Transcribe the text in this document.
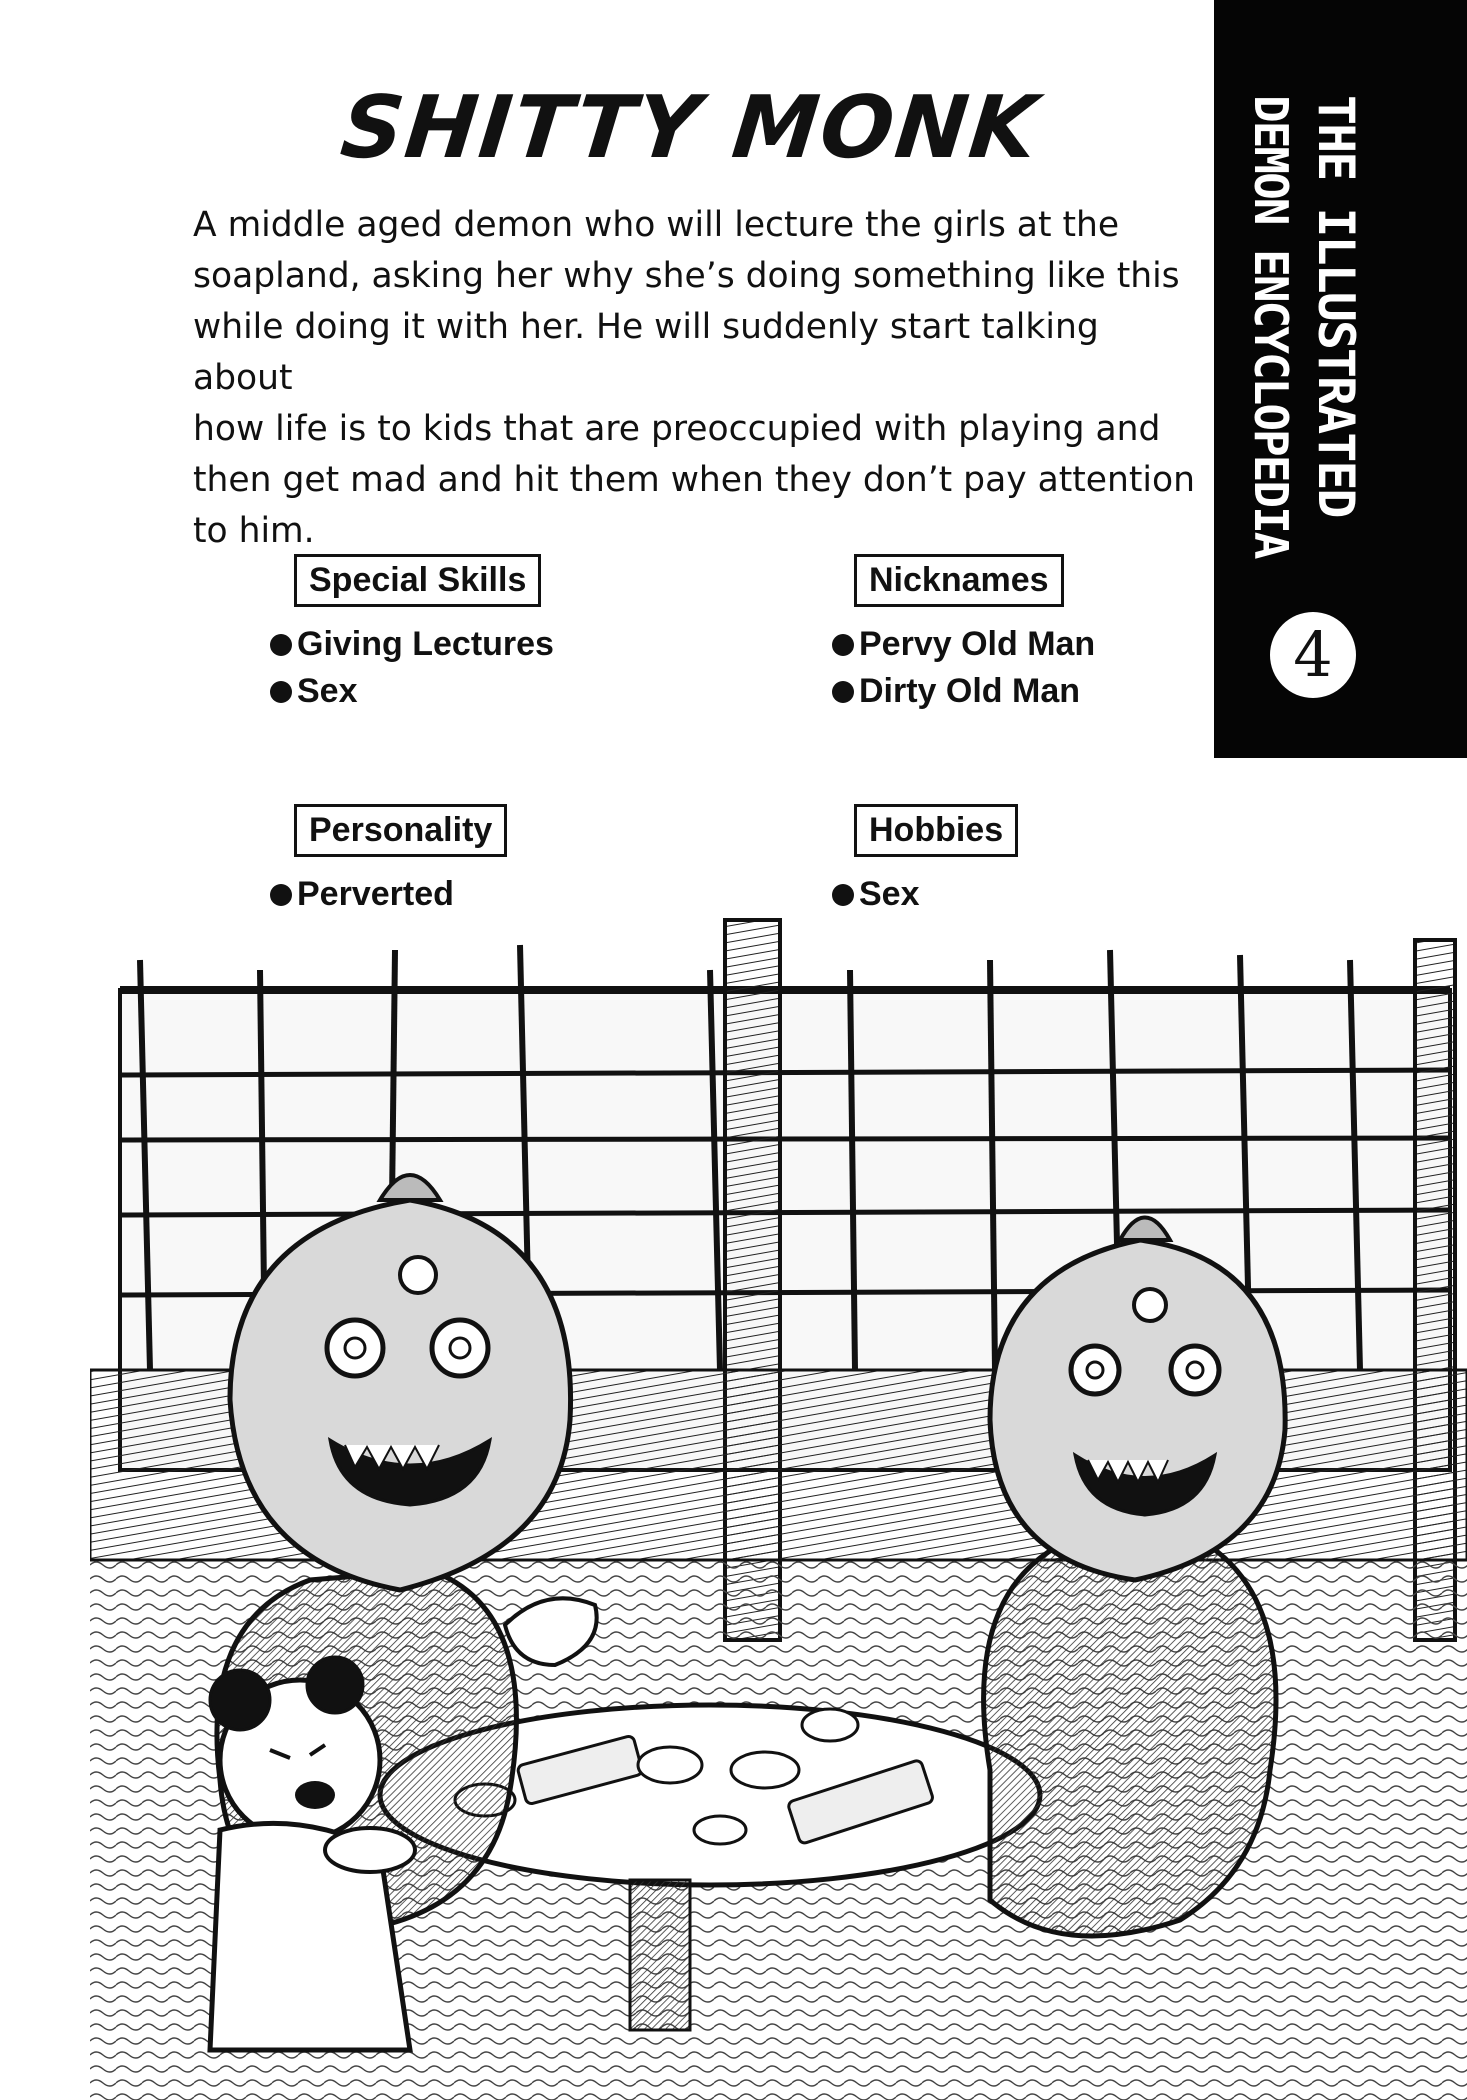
SHITTY MONK
A middle aged demon who will lecture the girls at the
soapland, asking her why she’s doing something like this
while doing it with her. He will suddenly start talking about
how life is to kids that are preoccupied with playing and
then get mad and hit them when they don’t pay attention
to him.
THE ILLUSTRATED
DEMON ENCYCLOPEDIA
4
Special Skills
Giving Lectures
Sex
Nicknames
Pervy Old Man
Dirty Old Man
Personality
Perverted
Hobbies
Sex
